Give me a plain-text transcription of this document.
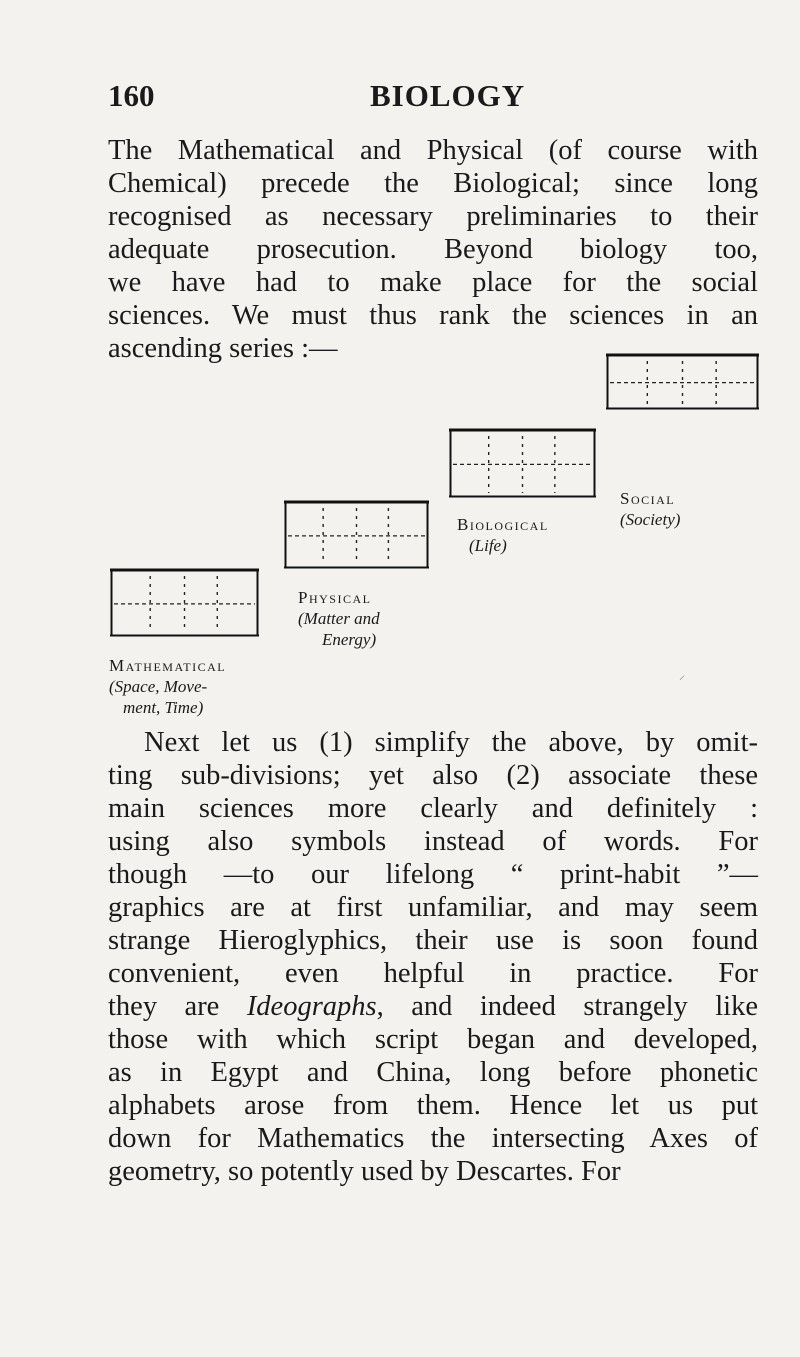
160	BIOLOGY

The Mathematical and Physical (of course with
Chemical) precede the Biological; since long
recognised as necessary preliminaries to their
adequate prosecution. Beyond biology too,
we have had to make place for the social
sciences. We must thus rank the sciences in an
ascending series :—

Social
(Society)
Biological
(Life)
Physical
(Matter and
Energy)
Mathematical
(Space, Move-
ment, Time)
⸝

Next let us (1) simplify the above, by omit-
ting sub-divisions; yet also (2) associate these
main sciences more clearly and definitely :
using also symbols instead of words. For
though —to our lifelong “ print-habit ”—
graphics are at first unfamiliar, and may seem
strange Hieroglyphics, their use is soon found
convenient, even helpful in practice. For
they are Ideographs, and indeed strangely like
those with which script began and developed,
as in Egypt and China, long before phonetic
alphabets arose from them. Hence let us put
down for Mathematics the intersecting Axes of
geometry, so potently used by Descartes. For
